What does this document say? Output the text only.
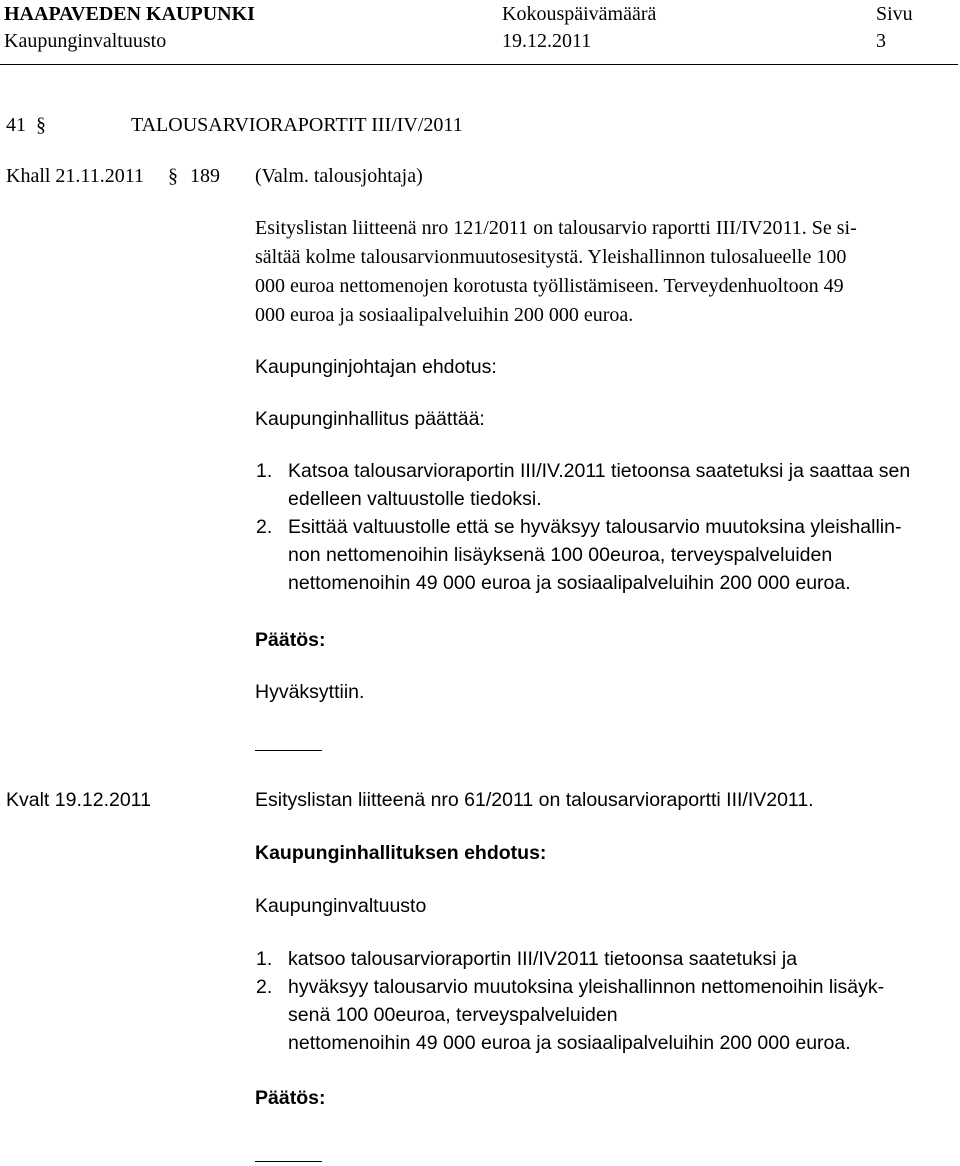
HAAPAVEDEN KAUPUNKI
Kaupunginvaltuusto
Kokouspäivämäärä
19.12.2011
Sivu
3
41 §	TALOUSARVIORAPORTIT III/IV/2011
Khall 21.11.2011 § 189 (Valm. talousjohtaja)
Esityslistan liitteenä nro 121/2011 on talousarvio raportti III/IV2011. Se si-
sältää kolme talousarvionmuutosesitystä. Yleishallinnon tulosalueelle 100
000 euroa nettomenojen korotusta työllistämiseen. Terveydenhuoltoon 49
000 euroa ja sosiaalipalveluihin 200 000 euroa.
Kaupunginjohtajan ehdotus:
Kaupunginhallitus päättää:
1. Katsoa talousarvioraportin III/IV.2011 tietoonsa saatetuksi ja saattaa sen
edelleen valtuustolle tiedoksi.
2. Esittää valtuustolle että se hyväksyy talousarvio muutoksina yleishallin-
non nettomenoihin lisäyksenä 100 00euroa, terveyspalveluiden
nettomenoihin 49 000 euroa ja sosiaalipalveluihin 200 000 euroa.
Päätös:
Hyväksyttiin.
Kvalt 19.12.2011	Esityslistan liitteenä nro 61/2011 on talousarvioraportti III/IV2011.
Kaupunginhallituksen ehdotus:
Kaupunginvaltuusto
1. katsoo talousarvioraportin III/IV2011 tietoonsa saatetuksi ja
2. hyväksyy talousarvio muutoksina yleishallinnon nettomenoihin lisäyk-
senä 100 00euroa, terveyspalveluiden
nettomenoihin 49 000 euroa ja sosiaalipalveluihin 200 000 euroa.
Päätös:
